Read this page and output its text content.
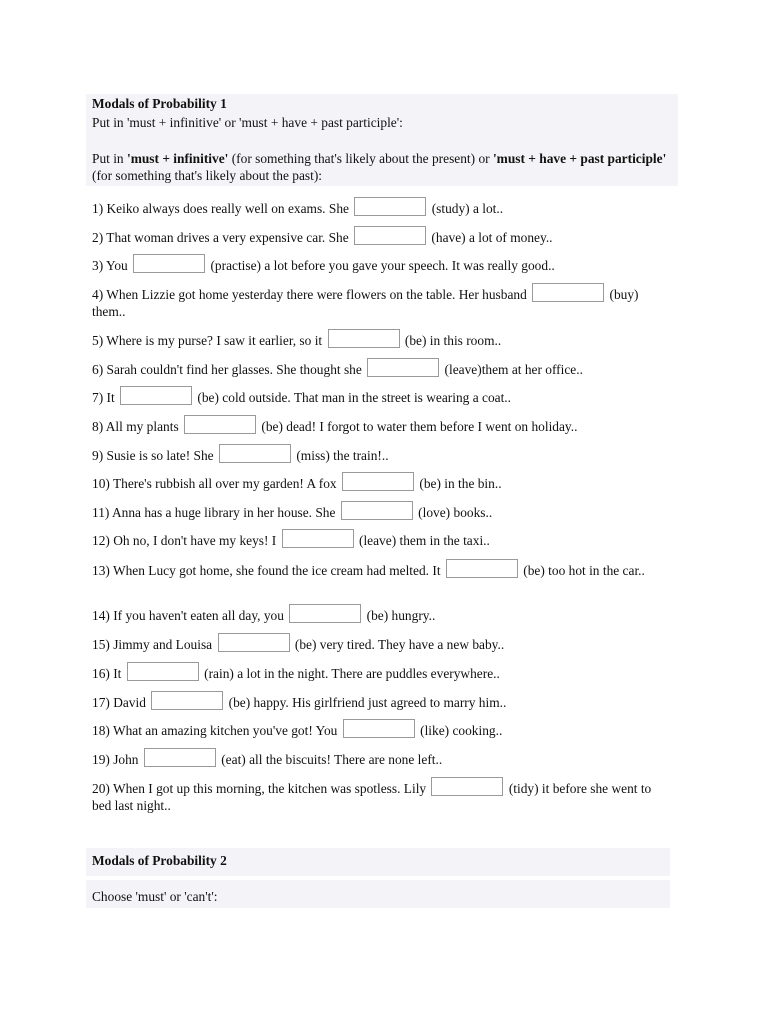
Modals of Probability 1
Put in 'must + infinitive' or 'must + have + past participle':
Put in 'must + infinitive' (for something that's likely about the present) or 'must + have + past participle' (for something that's likely about the past):
1) Keiko always does really well on exams. She	(study) a lot..
2) That woman drives a very expensive car. She	(have) a lot of money..
3) You	(practise) a lot before you gave your speech. It was really good..
4) When Lizzie got home yesterday there were flowers on the table. Her husband	(buy) them..
5) Where is my purse? I saw it earlier, so it	(be) in this room..
6) Sarah couldn't find her glasses. She thought she	(leave)them at her office..
7) It	(be) cold outside. That man in the street is wearing a coat..
8) All my plants	(be) dead! I forgot to water them before I went on holiday..
9) Susie is so late! She	(miss) the train!..
10) There's rubbish all over my garden! A fox	(be) in the bin..
11) Anna has a huge library in her house. She	(love) books..
12) Oh no, I don't have my keys! I	(leave) them in the taxi..
13) When Lucy got home, she found the ice cream had melted. It	(be) too hot in the car..
14) If you haven't eaten all day, you	(be) hungry..
15) Jimmy and Louisa	(be) very tired. They have a new baby..
16) It	(rain) a lot in the night. There are puddles everywhere..
17) David	(be) happy. His girlfriend just agreed to marry him..
18) What an amazing kitchen you've got! You	(like) cooking..
19) John	(eat) all the biscuits! There are none left..
20) When I got up this morning, the kitchen was spotless. Lily	(tidy) it before she went to bed last night..
Modals of Probability 2
Choose 'must' or 'can't':
